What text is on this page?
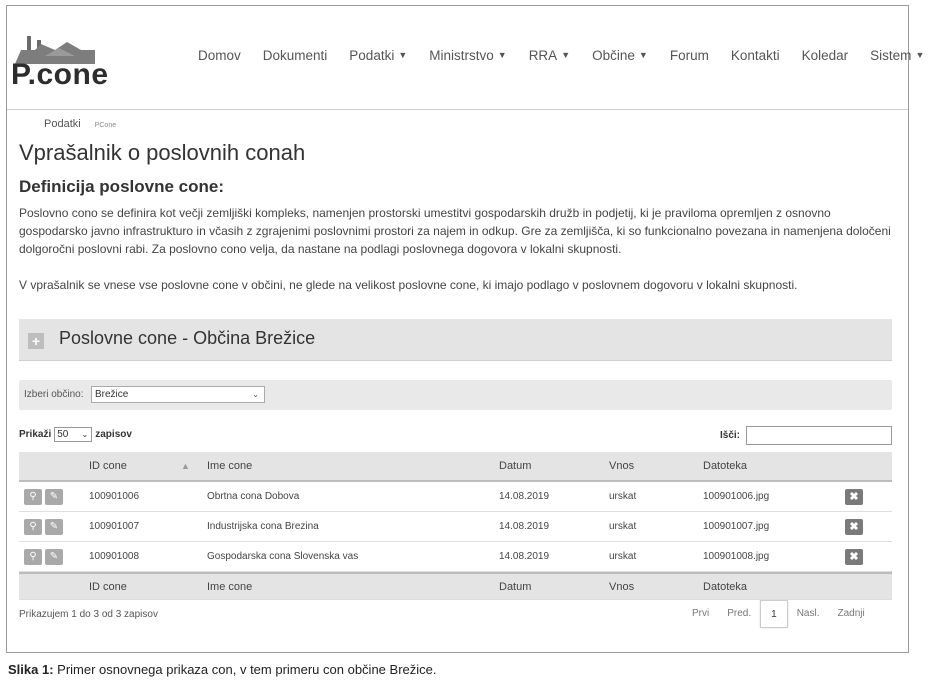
P.cone
Domov	Dokumenti	Podatki ▼	Ministrstvo ▼	RRA ▼	Občine ▼	Forum	Kontakti	Koledar	Sistem ▼
Podatki PCone
Vprašalnik o poslovnih conah
Definicija poslovne cone:

Poslovno cono se definira kot večji zemljiški kompleks, namenjen prostorski umestitvi gospodarskih družb in podjetij, ki je praviloma opremljen z osnovno gospodarsko javno infrastrukturo in včasih z zgrajenimi poslovnimi prostori za najem in odkup. Gre za zemljišča, ki so funkcionalno povezana in namenjena določeni dolgoročni poslovni rabi. Za poslovno cono velja, da nastane na podlagi poslovnega dogovora v lokalni skupnosti.

V vprašalnik se vnese vse poslovne cone v občini, ne glede na velikost poslovne cone, ki imajo podlago v poslovnem dogovoru v lokalni skupnosti.

+ Poslovne cone - Občina Brežice
Izberi občino:	Brežice	⌄
Prikaži 50 ⌄ zapisov	Išči:
ID cone	▲ Ime cone	Datum	Vnos	Datoteka
⚲	✎	100901006	Obrtna cona Dobova	14.08.2019	urskat	100901006.jpg	✖
⚲	✎	100901007	Industrijska cona Brezina	14.08.2019	urskat	100901007.jpg	✖
⚲	✎	100901008	Gospodarska cona Slovenska vas	14.08.2019	urskat	100901008.jpg	✖
ID cone	Ime cone	Datum	Vnos	Datoteka
Prikazujem 1 do 3 od 3 zapisov	Prvi	Pred.	1	Nasl.	Zadnji
Slika 1: Primer osnovnega prikaza con, v tem primeru con občine Brežice.
